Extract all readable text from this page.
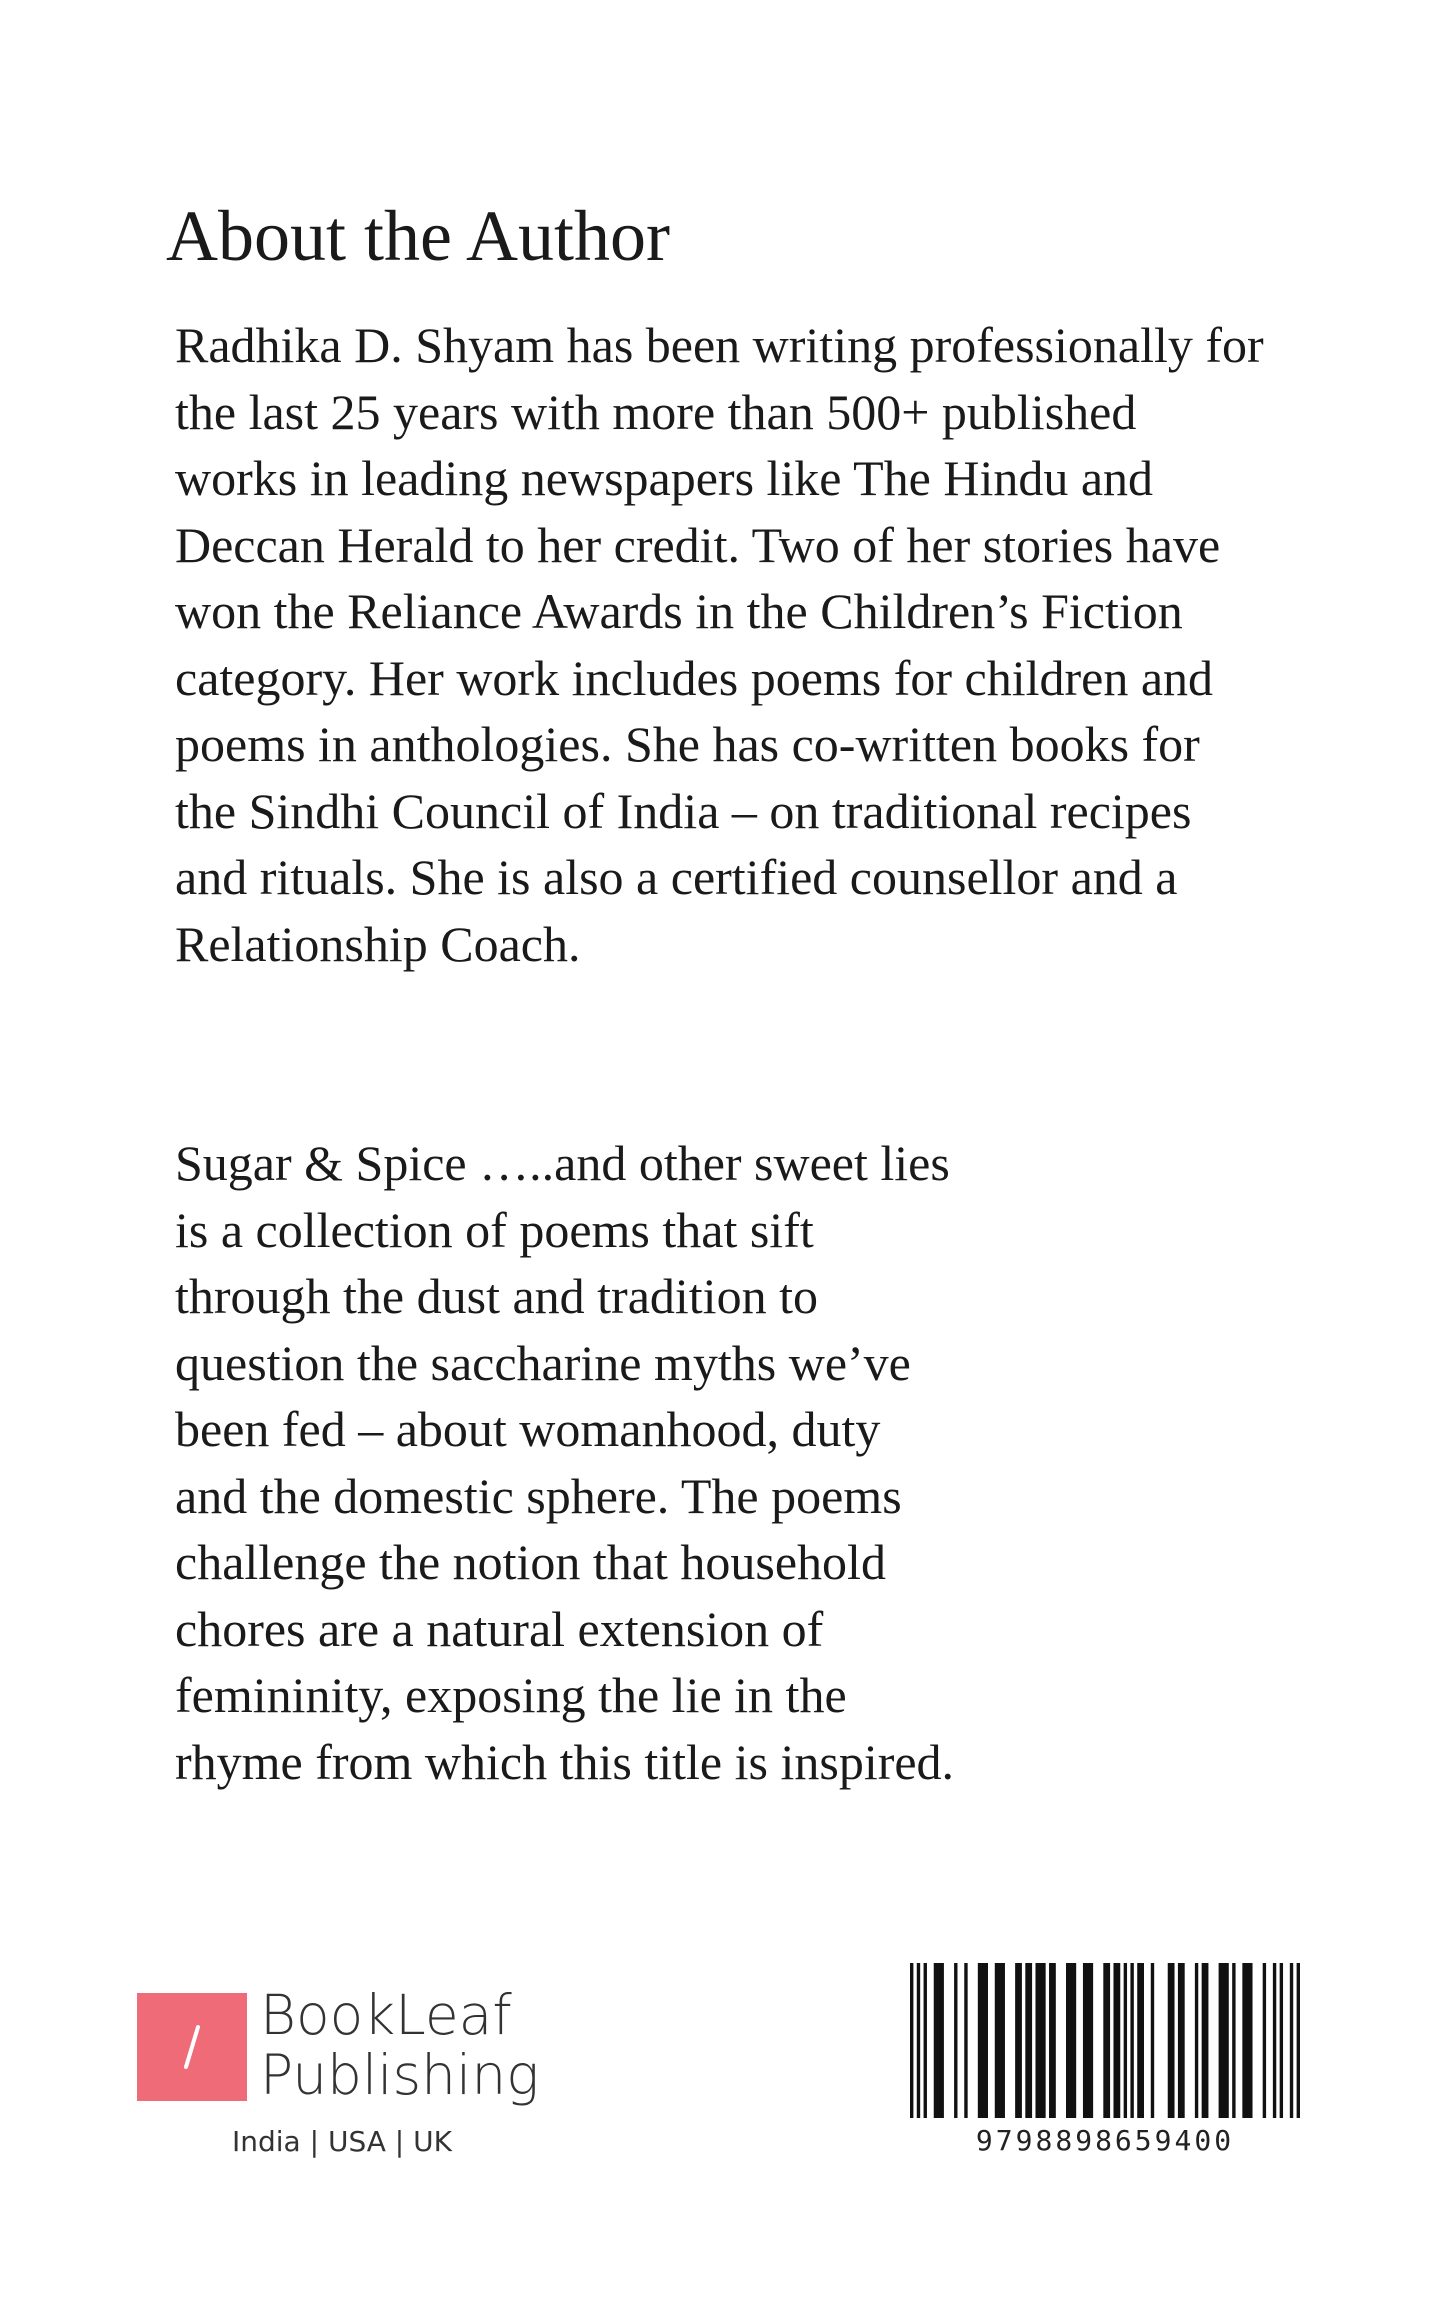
About the Author
Radhika D. Shyam has been writing professionally for
the last 25 years with more than 500+ published
works in leading newspapers like The Hindu and
Deccan Herald to her credit. Two of her stories have
won the Reliance Awards in the Children’s Fiction
category. Her work includes poems for children and
poems in anthologies. She has co-written books for
the Sindhi Council of India – on traditional recipes
and rituals. She is also a certified counsellor and a
Relationship Coach.
Sugar & Spice …..and other sweet lies
is a collection of poems that sift
through the dust and tradition to
question the saccharine myths we’ve
been fed – about womanhood, duty
and the domestic sphere. The poems
challenge the notion that household
chores are a natural extension of
femininity, exposing the lie in the
rhyme from which this title is inspired.
BookLeaf
Publishing
India | USA | UK	9798898659400
